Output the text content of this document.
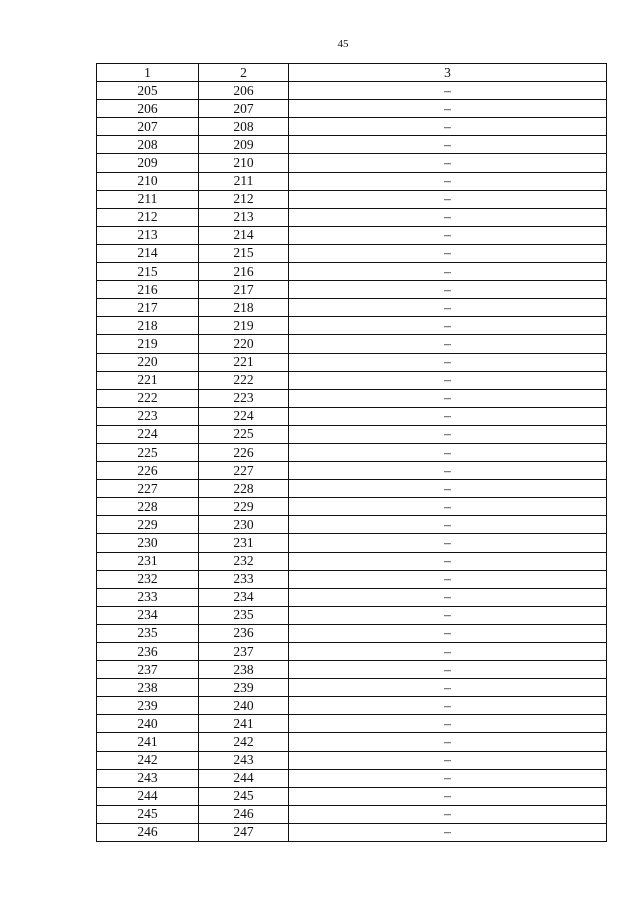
45
1	2	3
205	206	–
206	207	–
207	208	–
208	209	–
209	210	–
210	211	–
211	212	–
212	213	–
213	214	–
214	215	–
215	216	–
216	217	–
217	218	–
218	219	–
219	220	–
220	221	–
221	222	–
222	223	–
223	224	–
224	225	–
225	226	–
226	227	–
227	228	–
228	229	–
229	230	–
230	231	–
231	232	–
232	233	–
233	234	–
234	235	–
235	236	–
236	237	–
237	238	–
238	239	–
239	240	–
240	241	–
241	242	–
242	243	–
243	244	–
244	245	–
245	246	–
246	247	–
